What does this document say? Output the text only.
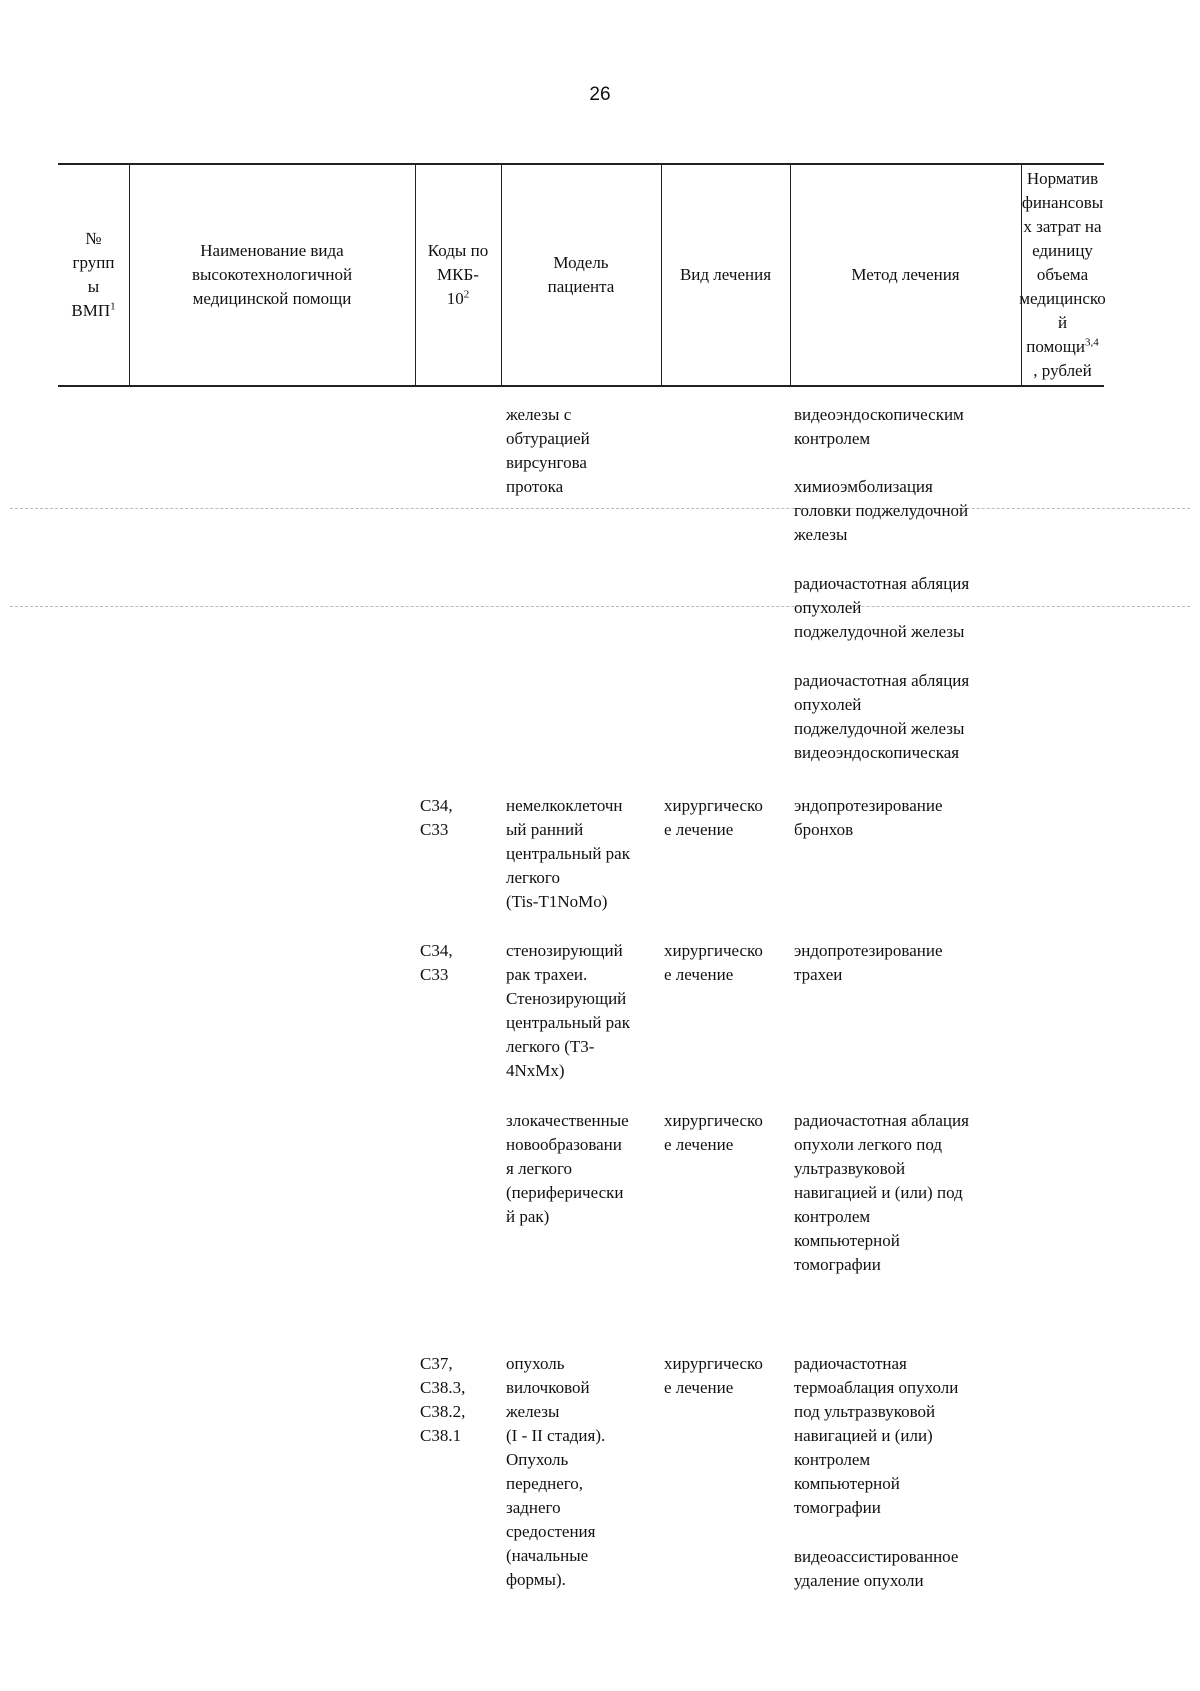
26
№
групп
ы
ВМП$^1$
Наименование вида
высокотехнологичной
медицинской помощи
Коды по
МКБ-
$10^2$
Модель
пациента
Вид лечения	Метод лечения
Норматив
финансовы
х затрат на
единицу
объема
медицинско
й
помощи$^{3,4}$
, рублей
железы с
обтурацией
вирсунгова
протока
видеоэндоскопическим
контролем
химиоэмболизация
головки поджелудочной
железы
радиочастотная абляция
опухолей
поджелудочной железы
радиочастотная абляция
опухолей
поджелудочной железы
видеоэндоскопическая
C34,
C33
немелкоклеточн
ый ранний
центральный рак
легкого
(Tis-T1NoMo)
хирургическо
е лечение
эндопротезирование
бронхов
C34,
C33
стенозирующий
рак трахеи.
Стенозирующий
центральный рак
легкого (T3-
4NxMx)
хирургическо
е лечение
эндопротезирование
трахеи
злокачественные
новообразовани
я легкого
(периферически
й рак)
хирургическо
е лечение
радиочастотная аблация
опухоли легкого под
ультразвуковой
навигацией и (или) под
контролем
компьютерной
томографии
C37,
C38.3,
C38.2,
C38.1
опухоль
вилочковой
железы
(I - II стадия).
Опухоль
переднего,
заднего
средостения
(начальные
формы).
хирургическо
е лечение
радиочастотная
термоаблация опухоли
под ультразвуковой
навигацией и (или)
контролем
компьютерной
томографии
видеоассистированное
удаление опухоли
